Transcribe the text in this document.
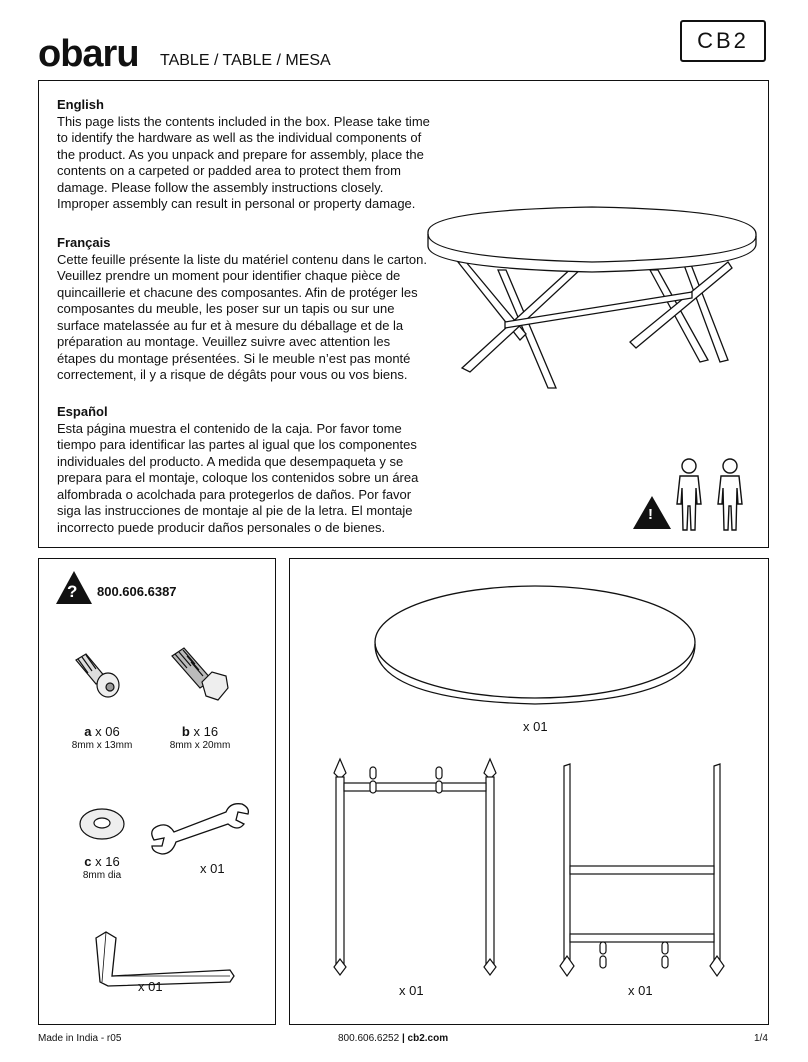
obaru TABLE / TABLE / MESA
CB2
English

This page lists the contents included in the box. Please take time to identify the hardware as well as the individual components of the product. As you unpack and prepare for assembly, place the contents on a carpeted or padded area to protect them from damage. Please follow the assembly instructions closely. Improper assembly can result in personal or property damage.

Français

Cette feuille présente la liste du matériel contenu dans le carton. Veuillez prendre un moment pour identifier chaque pièce de quincaillerie et chacune des composantes. Afin de protéger les composantes du meuble, les poser sur un tapis ou sur une surface matelassée au fur et à mesure du déballage et de la préparation au montage. Veuillez suivre avec attention les étapes du montage présentées. Si le meuble n’est pas monté correctement, il y a risque de dégâts pour vous ou vos biens.

Español

Esta página muestra el contenido de la caja. Por favor tome tiempo para identificar las partes al igual que los componentes individuales del producto. A medida que desempaqueta y se prepara para el montaje, coloque los contenidos sobre un área alfombrada o acolchada para protegerlos de daños. Por favor siga las instrucciones de montaje al pie de la letra. El montaje incorrecto puede producir daños personales o de bienes.

!
? 800.606.6387
a x 06
8mm x 13mm
b x 16
8mm x 20mm
c x 16
8mm dia	x 01
x 01
x 01
x 01	x 01
Made in India - r05	800.606.6252 | cb2.com	1/4
